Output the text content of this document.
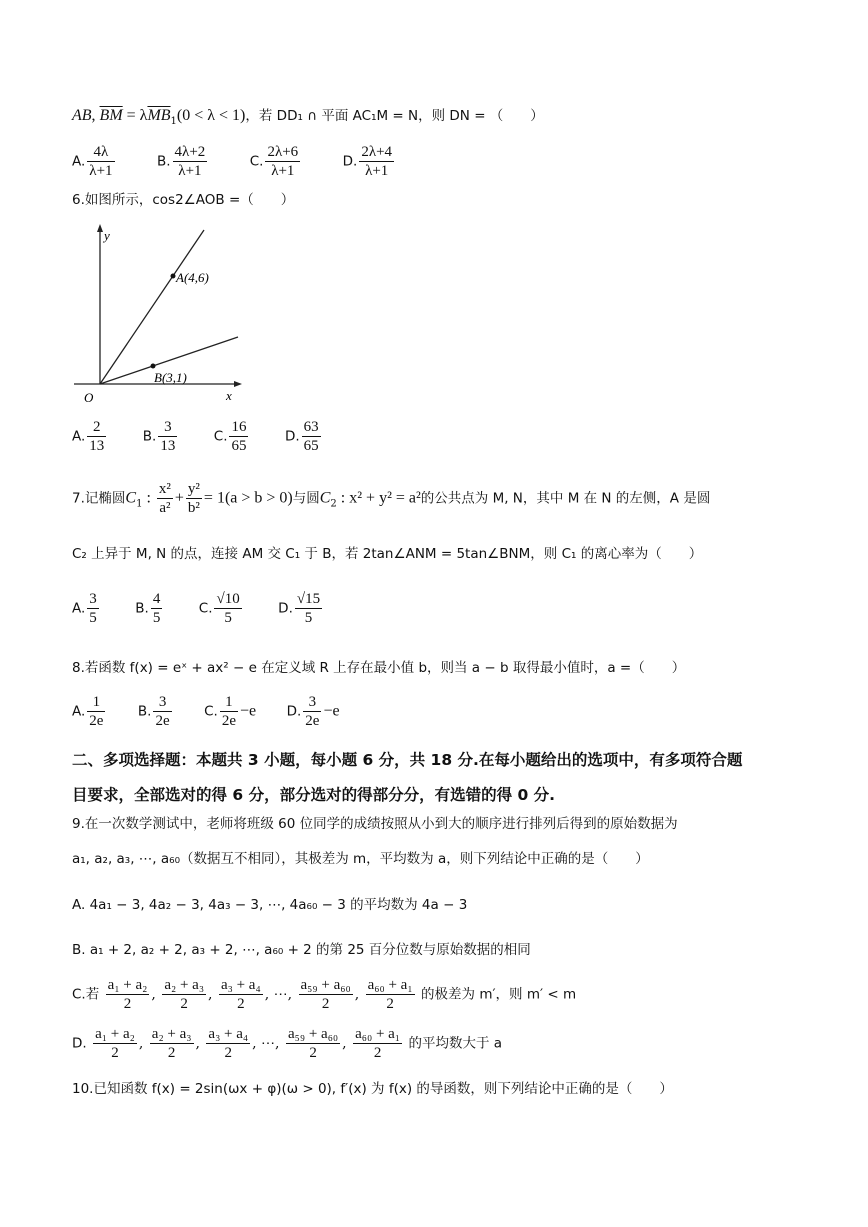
AB, $\overline{BM} = \lambda\overline{MB}_1(0 < \lambda < 1)$，若 DD₁ ∩ 平面 AC₁M = N，则 DN = （　　）
A. $\frac{4\lambda}{\lambda+1}$	B. $\frac{4\lambda+2}{\lambda+1}$	C. $\frac{2\lambda+6}{\lambda+1}$	D. $\frac{2\lambda+4}{\lambda+1}$
6.如图所示，cos2∠AOB =（　　）
y
x
O
A(4,6)
B(3,1)
A. $\frac{2}{13}$	B. $\frac{3}{13}$	C. $\frac{16}{65}$	D. $\frac{63}{65}$
7.记椭圆$C_1$ : $\frac{\text{x²}}{\text{a²}} + \frac{\text{y²}}{\text{b²}} = 1(a > b > 0)$与圆$C_2$ : x² + y² = a²的公共点为 M, N，其中 M 在 N 的左侧，A 是圆
C₂ 上异于 M, N 的点，连接 AM 交 C₁ 于 B，若 2tan∠ANM = 5tan∠BNM，则 C₁ 的离心率为（　　）
A. $\frac{3}{5}$	B. $\frac{4}{5}$	C. $\frac{√10}{5}$	D. $\frac{√15}{5}$
8.若函数 f(x) = eˣ + ax² − e 在定义域 R 上存在最小值 b，则当 a − b 取得最小值时，a =（　　）
A. $\frac{1}{2e} B$. $\frac{3}{2e} C$. $\frac{1}{2e} -e$ D. $\frac{3}{2e} -e$
二、多项选择题：本题共 3 小题，每小题 6 分，共 18 分.在每小题给出的选项中，有多项符合题
目要求，全部选对的得 6 分，部分选对的得部分分，有选错的得 0 分.
9.在一次数学测试中，老师将班级 60 位同学的成绩按照从小到大的顺序进行排列后得到的原始数据为
a₁, a₂, a₃, ⋯, a₆₀（数据互不相同），其极差为 m，平均数为 a，则下列结论中正确的是（　　）
A. 4a₁ − 3, 4a₂ − 3, 4a₃ − 3, ⋯, 4a₆₀ − 3 的平均数为 4a − 3
B. a₁ + 2, a₂ + 2, a₃ + 2, ⋯, a₆₀ + 2 的第 25 百分位数与原始数据的相同
C.若 $\frac{\text{a₁ + a₂}}{2}$ , $\frac{\text{a₂ + a₃}}{2}$ , $\frac{\text{a₃ + a₄}}{2}$ , ⋯, $\frac{\text{a₅₉ + a₆₀}}{2}$ , $\frac{\text{a₆₀ + a₁}}{2}$ 的极差为 m′，则 m′ < m
D. $\frac{\text{a₁ + a₂}}{2}$ , $\frac{\text{a₂ + a₃}}{2}$ , $\frac{\text{a₃ + a₄}}{2}$ , ⋯, $\frac{\text{a₅₉ + a₆₀}}{2}$ , $\frac{\text{a₆₀ + a₁}}{2}$ 的平均数大于 a
10.已知函数 f(x) = 2sin(ωx + φ)(ω > 0), f′(x) 为 f(x) 的导函数，则下列结论中正确的是（　　）
